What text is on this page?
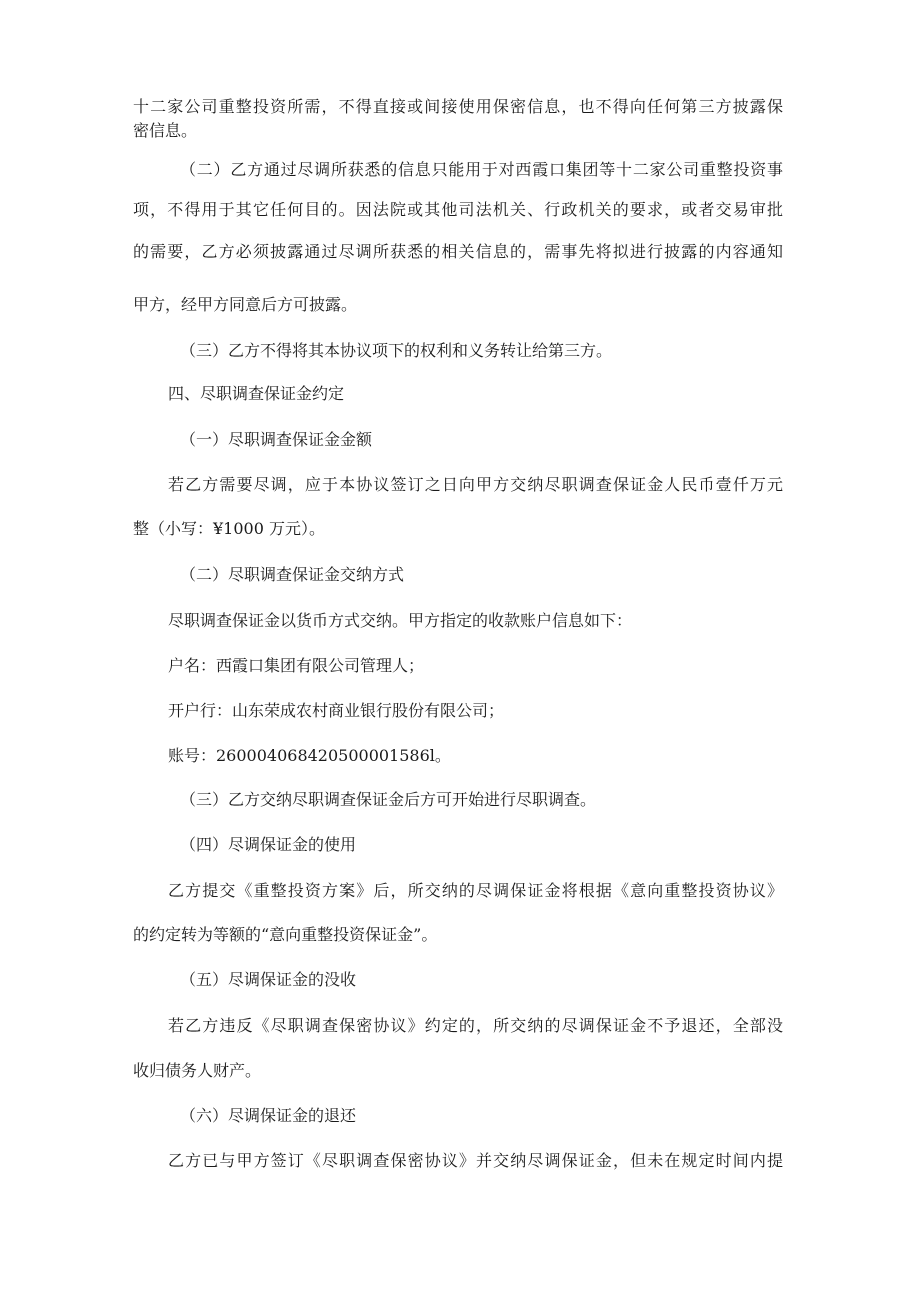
十二家公司重整投资所需，不得直接或间接使用保密信息，也不得向任何第三方披露保

密信息。

（二）乙方通过尽调所获悉的信息只能用于对西霞口集团等十二家公司重整投资事

项，不得用于其它任何目的。因法院或其他司法机关、行政机关的要求，或者交易审批

的需要，乙方必须披露通过尽调所获悉的相关信息的，需事先将拟进行披露的内容通知

甲方，经甲方同意后方可披露。

（三）乙方不得将其本协议项下的权利和义务转让给第三方。

四、尽职调查保证金约定

（一）尽职调查保证金金额

若乙方需要尽调，应于本协议签订之日向甲方交纳尽职调查保证金人民币壹仟万元

整（小写：¥1000 万元）。

（二）尽职调查保证金交纳方式

尽职调查保证金以货币方式交纳。甲方指定的收款账户信息如下：

户名：西霞口集团有限公司管理人；

开户行：山东荣成农村商业银行股份有限公司；

账号：260004068420500001586l。

（三）乙方交纳尽职调查保证金后方可开始进行尽职调查。

（四）尽调保证金的使用

乙方提交《重整投资方案》后，所交纳的尽调保证金将根据《意向重整投资协议》

的约定转为等额的“意向重整投资保证金”。

（五）尽调保证金的没收

若乙方违反《尽职调查保密协议》约定的，所交纳的尽调保证金不予退还，全部没

收归债务人财产。

（六）尽调保证金的退还

乙方已与甲方签订《尽职调查保密协议》并交纳尽调保证金，但未在规定时间内提
